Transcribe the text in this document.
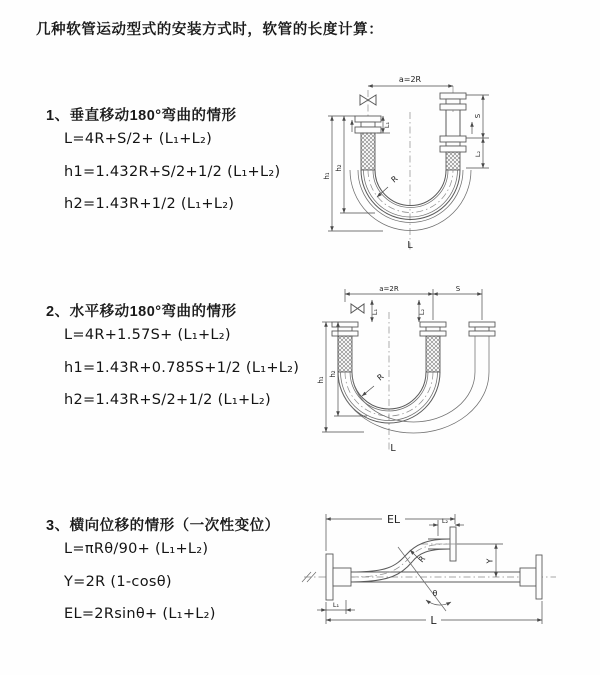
几种软管运动型式的安装方式时，软管的长度计算：
1、垂直移动180°弯曲的情形
L=4R+S/2+ (L₁+L₂)
h1=1.432R+S/2+1/2 (L₁+L₂)
h2=1.43R+1/2 (L₁+L₂)
2、水平移动180°弯曲的情形
L=4R+1.57S+ (L₁+L₂)
h1=1.43R+0.785S+1/2 (L₁+L₂)
h2=1.43R+S/2+1/2 (L₁+L₂)
3、横向位移的情形（一次性变位）
L=πRθ/90+ (L₁+L₂)
Y=2R (1-cosθ)
EL=2Rsinθ+ (L₁+L₂)
a=2R
R
L
h₁
h₂
L₁
S
L₂
a=2R	S
h₁
h₂
L₁	L₂
R
L
EL	L₂
Y
R
θ
L₁
L
